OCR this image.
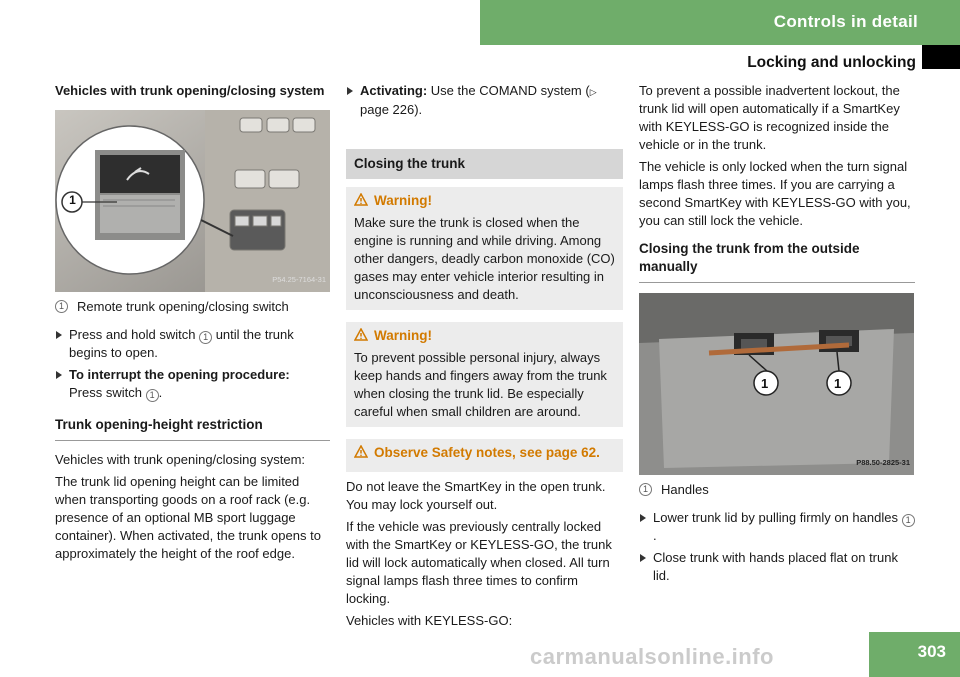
Controls in detail
Locking and unlocking
Vehicles with trunk opening/closing system
1
P54.25-7164-31
1	Remote trunk opening/closing switch
Press and hold switch 1 until the trunk begins to open.
To interrupt the opening procedure:
Press switch 1 .
Trunk opening-height restriction

Vehicles with trunk opening/closing system:

The trunk lid opening height can be limited when transporting goods on a roof rack (e.g. presence of an optional MB sport luggage container). When activated, the trunk opens to approximately the height of the roof edge.

Activating: Use the COMAND system (▷ page 226).
Closing the trunk
Warning!
Make sure the trunk is closed when the engine is running and while driving. Among other dangers, deadly carbon monoxide (CO) gases may enter vehicle interior resulting in unconsciousness and death.
Warning!
To prevent possible personal injury, always keep hands and fingers away from the trunk when closing the trunk lid. Be especially careful when small children are around.
Observe Safety notes, see page 62.

Do not leave the SmartKey in the open trunk. You may lock yourself out.

If the vehicle was previously centrally locked with the SmartKey or KEYLESS-GO, the trunk lid will lock automatically when closed. All turn signal lamps flash three times to confirm locking.

Vehicles with KEYLESS-GO:

To prevent a possible inadvertent lockout, the trunk lid will open automatically if a SmartKey with KEYLESS-GO is recognized inside the vehicle or in the trunk.

The vehicle is only locked when the turn signal lamps flash three times. If you are carrying a second SmartKey with KEYLESS-GO with you, you can still lock the vehicle.

Closing the trunk from the outside manually
1	1
P88.50-2825-31
1	Handles
Lower trunk lid by pulling firmly on handles 1.
Close trunk with hands placed flat on trunk lid.
carmanualsonline.info	303
